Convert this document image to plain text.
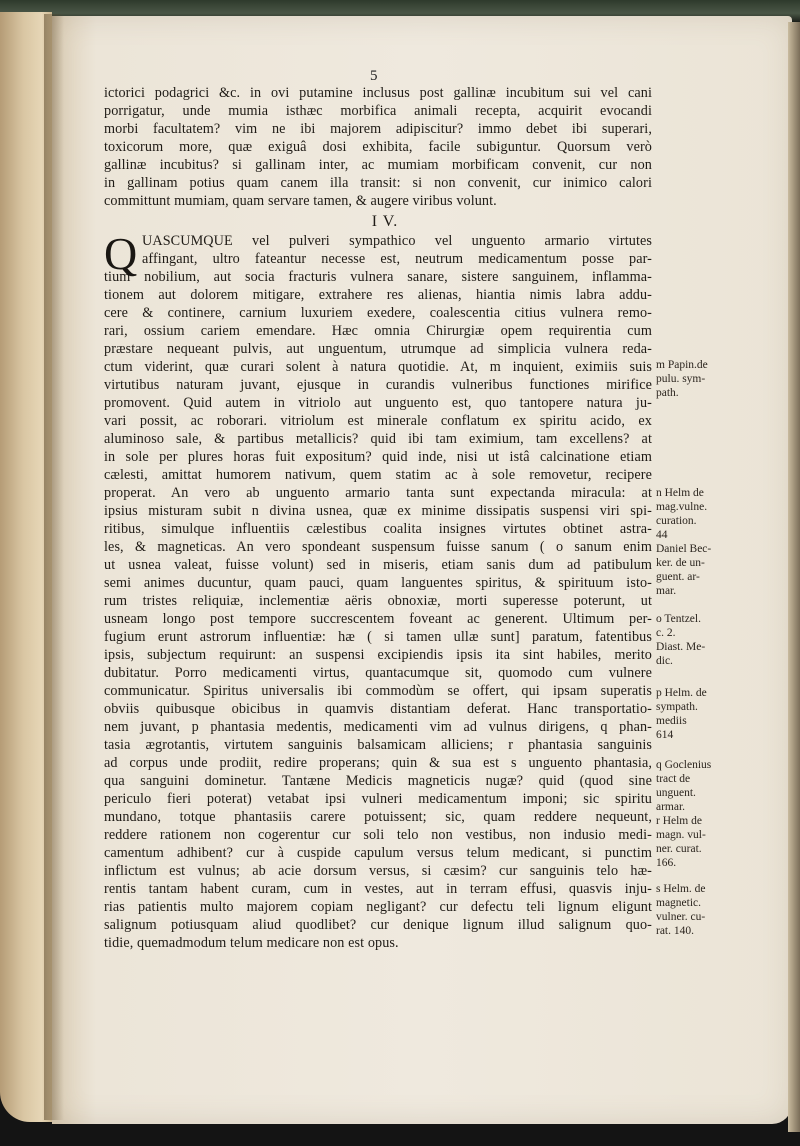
5
ictorici podagrici &c. in ovi putamine inclusus post gallinæ incubitum sui vel cani
porrigatur, unde mumia isthæc morbifica animali recepta, acquirit evocandi
morbi facultatem? vim ne ibi majorem adipiscitur? immo debet ibi superari,
toxicorum more, quæ exiguâ dosi exhibita, facile subiguntur. Quorsum verò
gallinæ incubitus? si gallinam inter, ac mumiam morbificam convenit, cur non
in gallinam potius quam canem illa transit: si non convenit, cur inimico calori
committunt mumiam, quam servare tamen, & augere viribus volunt.
I V.
Q UASCUMQUE vel pulveri sympathico vel unguento armario virtutes
affingant, ultro fateantur necesse est, neutrum medicamentum posse par-
tium nobilium, aut socia fracturis vulnera sanare, sistere sanguinem, inflamma-
tionem aut dolorem mitigare, extrahere res alienas, hiantia nimis labra addu-
cere & continere, carnium luxuriem exedere, coalescentia citius vulnera remo-
rari, ossium cariem emendare. Hæc omnia Chirurgiæ opem requirentia cum
præstare nequeant pulvis, aut unguentum, utrumque ad simplicia vulnera reda-
ctum viderint, quæ curari solent à natura quotidie. At, m inquient, eximiis suis
virtutibus naturam juvant, ejusque in curandis vulneribus functiones mirifice
promovent. Quid autem in vitriolo aut unguento est, quo tantopere natura ju-
vari possit, ac roborari. vitriolum est minerale conflatum ex spiritu acido, ex
aluminoso sale, & partibus metallicis? quid ibi tam eximium, tam excellens? at
in sole per plures horas fuit expositum? quid inde, nisi ut istâ calcinatione etiam
cælesti, amittat humorem nativum, quem statim ac à sole removetur, recipere
properat. An vero ab unguento armario tanta sunt expectanda miracula: at
ipsius misturam subit n divina usnea, quæ ex minime dissipatis suspensi viri spi-
ritibus, simulque influentiis cælestibus coalita insignes virtutes obtinet astra-
les, & magneticas. An vero spondeant suspensum fuisse sanum ( o sanum enim
ut usnea valeat, fuisse volunt) sed in miseris, etiam sanis dum ad patibulum
semi animes ducuntur, quam pauci, quam languentes spiritus, & spirituum isto-
rum tristes reliquiæ, inclementiæ aëris obnoxiæ, morti superesse poterunt, ut
usneam longo post tempore succrescentem foveant ac generent. Ultimum per-
fugium erunt astrorum influentiæ: hæ ( si tamen ullæ sunt] paratum, fatentibus
ipsis, subjectum requirunt: an suspensi excipiendis ipsis ita sint habiles, merito
dubitatur. Porro medicamenti virtus, quantacumque sit, quomodo cum vulnere
communicatur. Spiritus universalis ibi commodùm se offert, qui ipsam superatis
obviis quibusque obicibus in quamvis distantiam deferat. Hanc transportatio-
nem juvant, p phantasia medentis, medicamenti vim ad vulnus dirigens, q phan-
tasia ægrotantis, virtutem sanguinis balsamicam alliciens; r phantasia sanguinis
ad corpus unde prodiit, redire properans; quin & sua est s unguento phantasia,
qua sanguini dominetur. Tantæne Medicis magneticis nugæ? quid (quod sine
periculo fieri poterat) vetabat ipsi vulneri medicamentum imponi; sic spiritu
mundano, totque phantasiis carere potuissent; sic, quam reddere nequeunt,
reddere rationem non cogerentur cur soli telo non vestibus, non indusio medi-
camentum adhibent? cur à cuspide capulum versus telum medicant, si punctim
inflictum est vulnus; ab acie dorsum versus, si cæsim? cur sanguinis telo hæ-
rentis tantam habent curam, cum in vestes, aut in terram effusi, quasvis inju-
rias patientis multo majorem copiam negligant? cur defectu teli lignum eligunt
salignum potiusquam aliud quodlibet? cur denique lignum illud salignum quo-
tidie, quemadmodum telum medicare non est opus.
m Papin.de
pulu. sym-
path.
n Helm de
mag.vulne.
curation.
44
Daniel Bec-
ker. de un-
guent. ar-
mar.
o Tentzel.
c. 2.
Diast. Me-
dic.
p Helm. de
sympath.
mediis
614
q Goclenius
tract de
unguent.
armar.
r Helm de
magn. vul-
ner. curat.
166.
s Helm. de
magnetic.
vulner. cu-
rat. 140.
